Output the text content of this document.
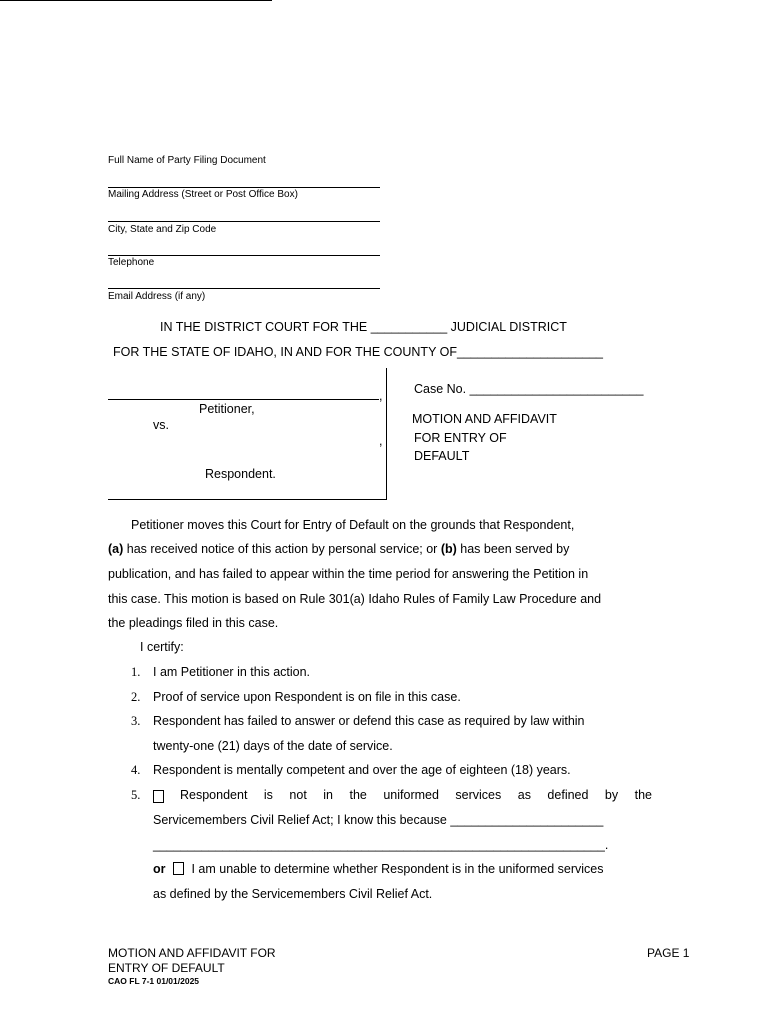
Full Name of Party Filing Document
Mailing Address (Street or Post Office Box)
City, State and Zip Code
Telephone
Email Address (if any)
IN THE DISTRICT COURT FOR THE ___________ JUDICIAL DISTRICT
FOR THE STATE OF IDAHO, IN AND FOR THE COUNTY OF_____________________
,
Petitioner,
vs.
,
Respondent.
Case No. _________________________
MOTION AND AFFIDAVIT
FOR ENTRY OF
DEFAULT
Petitioner moves this Court for Entry of Default on the grounds that Respondent,
(a) has received notice of this action by personal service; or (b) has been served by
publication, and has failed to appear within the time period for answering the Petition in
this case. This motion is based on Rule 301(a) Idaho Rules of Family Law Procedure and
the pleadings filed in this case.
I certify:
1. I am Petitioner in this action.
2. Proof of service upon Respondent is on file in this case.
3. Respondent has failed to answer or defend this case as required by law within
twenty-one (21) days of the date of service.
4. Respondent is mentally competent and over the age of eighteen (18) years.
5.	Respondent is not in the uniformed services as defined by the
Servicemembers Civil Relief Act; I know this because ______________________
_________________________________________________________________.
or I am unable to determine whether Respondent is in the uniformed services
as defined by the Servicemembers Civil Relief Act.
MOTION AND AFFIDAVIT FOR
ENTRY OF DEFAULT
CAO FL 7-1 01/01/2025
PAGE 1
